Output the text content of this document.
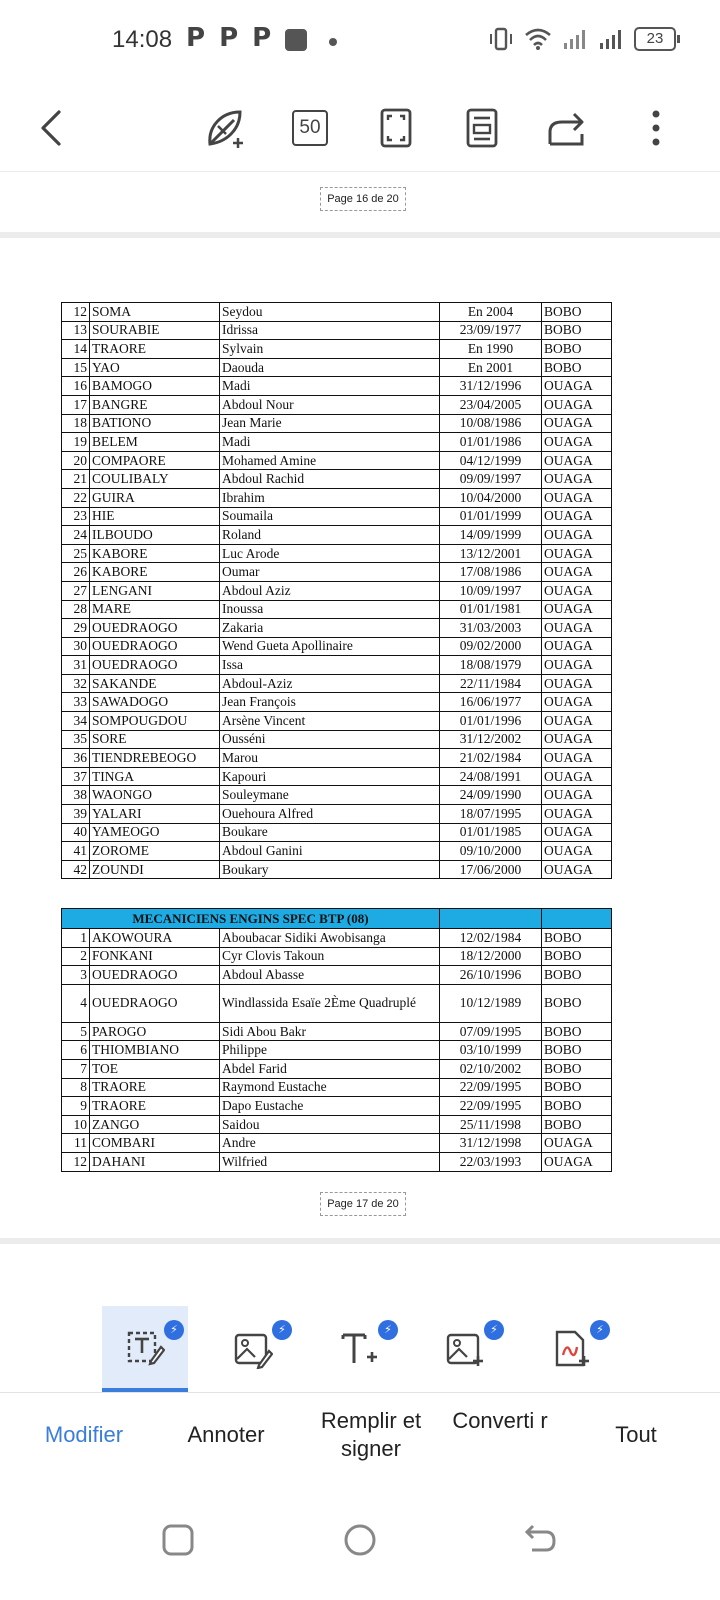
14:08 P P P	23
50
Page 16 de 20
12	SOMA	Seydou	En 2004	BOBO
13	SOURABIE	Idrissa	23/09/1977	BOBO
14	TRAORE	Sylvain	En 1990	BOBO
15	YAO	Daouda	En 2001	BOBO
16	BAMOGO	Madi	31/12/1996	OUAGA
17	BANGRE	Abdoul Nour	23/04/2005	OUAGA
18	BATIONO	Jean Marie	10/08/1986	OUAGA
19	BELEM	Madi	01/01/1986	OUAGA
20	COMPAORE	Mohamed Amine	04/12/1999	OUAGA
21	COULIBALY	Abdoul Rachid	09/09/1997	OUAGA
22	GUIRA	Ibrahim	10/04/2000	OUAGA
23	HIE	Soumaila	01/01/1999	OUAGA
24	ILBOUDO	Roland	14/09/1999	OUAGA
25	KABORE	Luc Arode	13/12/2001	OUAGA
26	KABORE	Oumar	17/08/1986	OUAGA
27	LENGANI	Abdoul Aziz	10/09/1997	OUAGA
28	MARE	Inoussa	01/01/1981	OUAGA
29	OUEDRAOGO	Zakaria	31/03/2003	OUAGA
30	OUEDRAOGO	Wend Gueta Apollinaire	09/02/2000	OUAGA
31	OUEDRAOGO	Issa	18/08/1979	OUAGA
32	SAKANDE	Abdoul-Aziz	22/11/1984	OUAGA
33	SAWADOGO	Jean François	16/06/1977	OUAGA
34	SOMPOUGDOU	Arsène Vincent	01/01/1996	OUAGA
35	SORE	Ousséni	31/12/2002	OUAGA
36	TIENDREBEOGO	Marou	21/02/1984	OUAGA
37	TINGA	Kapouri	24/08/1991	OUAGA
38	WAONGO	Souleymane	24/09/1990	OUAGA
39	YALARI	Ouehoura Alfred	18/07/1995	OUAGA
40	YAMEOGO	Boukare	01/01/1985	OUAGA
41	ZOROME	Abdoul Ganini	09/10/2000	OUAGA
42	ZOUNDI	Boukary	17/06/2000	OUAGA
MECANICIENS ENGINS SPEC BTP (08)				
1	AKOWOURA	Aboubacar Sidiki Awobisanga	12/02/1984	BOBO
2	FONKANI	Cyr Clovis Takoun	18/12/2000	BOBO
3	OUEDRAOGO	Abdoul Abasse	26/10/1996	BOBO
4	OUEDRAOGO	Windlassida Esaïe 2Ème Quadruplé	10/12/1989	BOBO
5	PAROGO	Sidi Abou Bakr	07/09/1995	BOBO
6	THIOMBIANO	Philippe	03/10/1999	BOBO
7	TOE	Abdel Farid	02/10/2002	BOBO
8	TRAORE	Raymond Eustache	22/09/1995	BOBO
9	TRAORE	Dapo Eustache	22/09/1995	BOBO
10	ZANGO	Saidou	25/11/1998	BOBO
11	COMBARI	Andre	31/12/1998	OUAGA
12	DAHANI	Wilfried	22/03/1993	OUAGA
Page 17 de 20
⚡	⚡	⚡	⚡	⚡
Modifier	Annoter
Remplir et signer
Converti r
Tout
